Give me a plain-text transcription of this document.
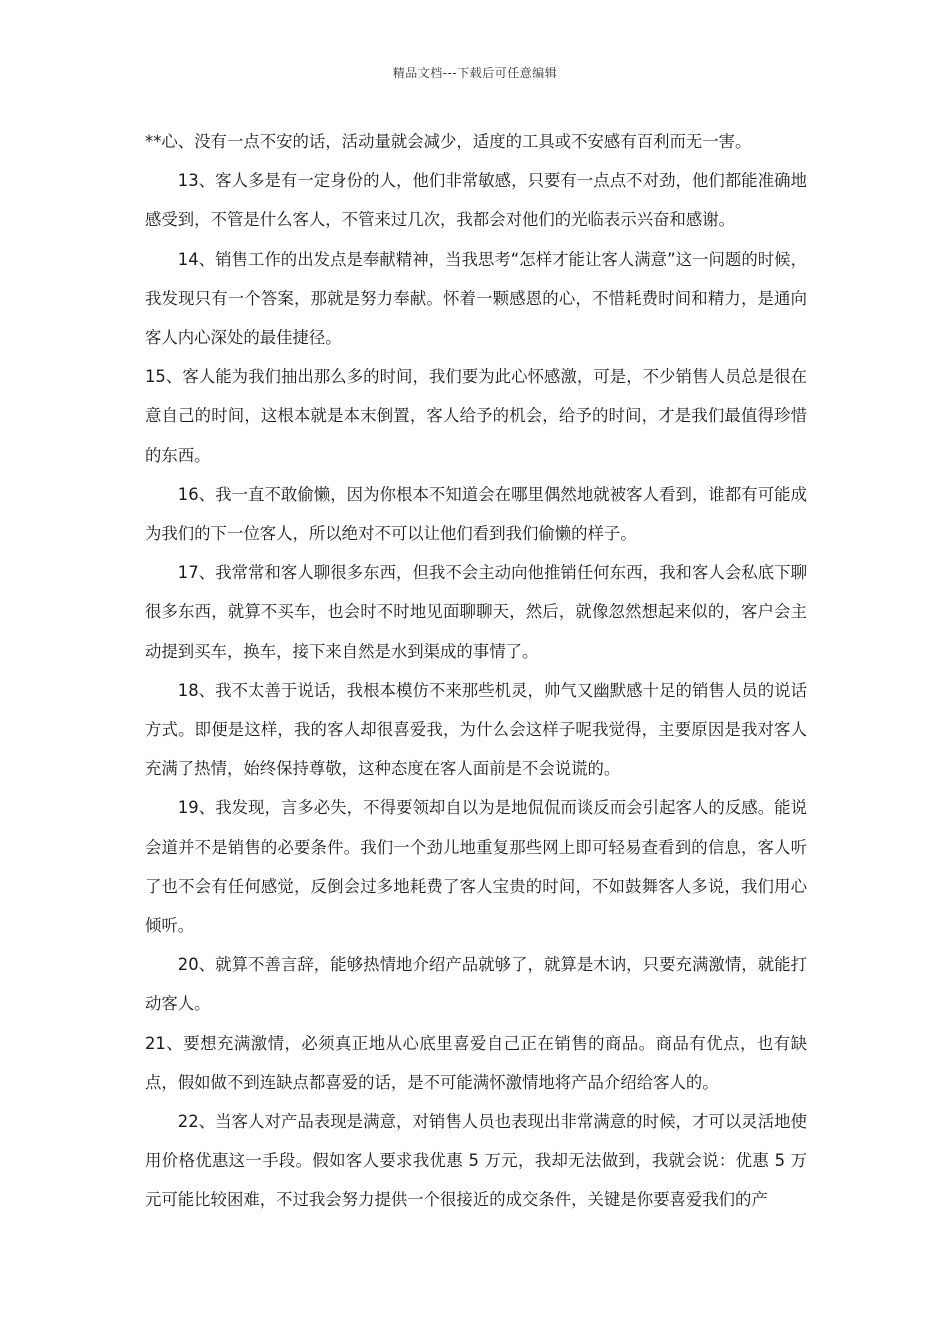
精品文档---下载后可任意编辑

**心、没有一点不安的话，活动量就会减少，适度的工具或不安感有百利而无一害。

13、客人多是有一定身份的人，他们非常敏感，只要有一点点不对劲，他们都能准确地感受到，不管是什么客人，不管来过几次，我都会对他们的光临表示兴奋和感谢。

14、销售工作的出发点是奉献精神，当我思考“怎样才能让客人满意”这一问题的时候，我发现只有一个答案，那就是努力奉献。怀着一颗感恩的心，不惜耗费时间和精力，是通向客人内心深处的最佳捷径。

15、客人能为我们抽出那么多的时间，我们要为此心怀感激，可是，不少销售人员总是很在意自己的时间，这根本就是本末倒置，客人给予的机会，给予的时间，才是我们最值得珍惜的东西。

16、我一直不敢偷懒，因为你根本不知道会在哪里偶然地就被客人看到，谁都有可能成为我们的下一位客人，所以绝对不可以让他们看到我们偷懒的样子。

17、我常常和客人聊很多东西，但我不会主动向他推销任何东西，我和客人会私底下聊很多东西，就算不买车，也会时不时地见面聊聊天，然后，就像忽然想起来似的，客户会主动提到买车，换车，接下来自然是水到渠成的事情了。

18、我不太善于说话，我根本模仿不来那些机灵，帅气又幽默感十足的销售人员的说话方式。即便是这样，我的客人却很喜爱我，为什么会这样子呢我觉得，主要原因是我对客人充满了热情，始终保持尊敬，这种态度在客人面前是不会说谎的。

19、我发现，言多必失，不得要领却自以为是地侃侃而谈反而会引起客人的反感。能说会道并不是销售的必要条件。我们一个劲儿地重复那些网上即可轻易查看到的信息，客人听了也不会有任何感觉，反倒会过多地耗费了客人宝贵的时间，不如鼓舞客人多说，我们用心倾听。

20、就算不善言辞，能够热情地介绍产品就够了，就算是木讷，只要充满激情，就能打动客人。

21、要想充满激情，必须真正地从心底里喜爱自己正在销售的商品。商品有优点，也有缺点，假如做不到连缺点都喜爱的话，是不可能满怀激情地将产品介绍给客人的。

22、当客人对产品表现是满意，对销售人员也表现出非常满意的时候，才可以灵活地使用价格优惠这一手段。假如客人要求我优惠 5 万元，我却无法做到，我就会说：优惠 5 万元可能比较困难，不过我会努力提供一个很接近的成交条件，关键是你要喜爱我们的产
